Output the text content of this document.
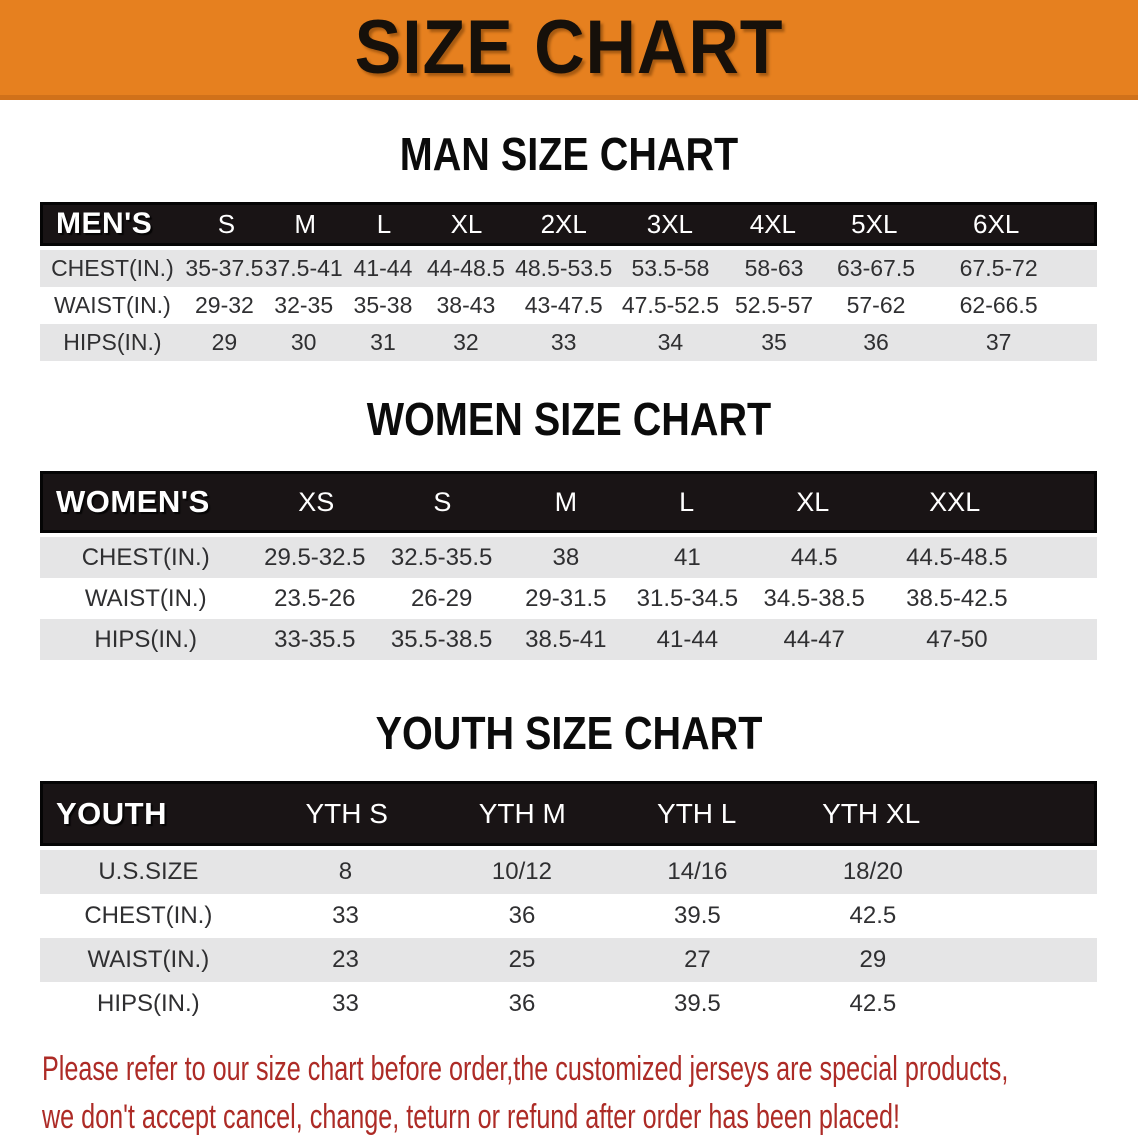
SIZE CHART
MAN SIZE CHART
MEN'S	S	M	L	XL	2XL	3XL	4XL	5XL	6XL
CHEST(IN.) 35-37.5 37.5-41 41-44 44-48.5 48.5-53.5 53.5-58	58-63	63-67.5	67.5-72
WAIST(IN.)	29-32 32-35 35-38	38-43	43-47.5 47.5-52.5 52.5-57	57-62	62-66.5
HIPS(IN.)	29	30	31	32	33	34	35	36	37
WOMEN SIZE CHART
WOMEN'S	XS	S	M	L	XL	XXL
CHEST(IN.)	29.5-32.5	32.5-35.5	38	41	44.5	44.5-48.5
WAIST(IN.)	23.5-26	26-29	29-31.5	31.5-34.5	34.5-38.5	38.5-42.5
HIPS(IN.)	33-35.5	35.5-38.5	38.5-41	41-44	44-47	47-50
YOUTH SIZE CHART
YOUTH	YTH S	YTH M	YTH L	YTH XL
U.S.SIZE	8	10/12	14/16	18/20
CHEST(IN.)	33	36	39.5	42.5
WAIST(IN.)	23	25	27	29
HIPS(IN.)	33	36	39.5	42.5

Please refer to our size chart before order,the customized jerseys are special products,

we don't accept cancel, change, teturn or refund after order has been placed!
